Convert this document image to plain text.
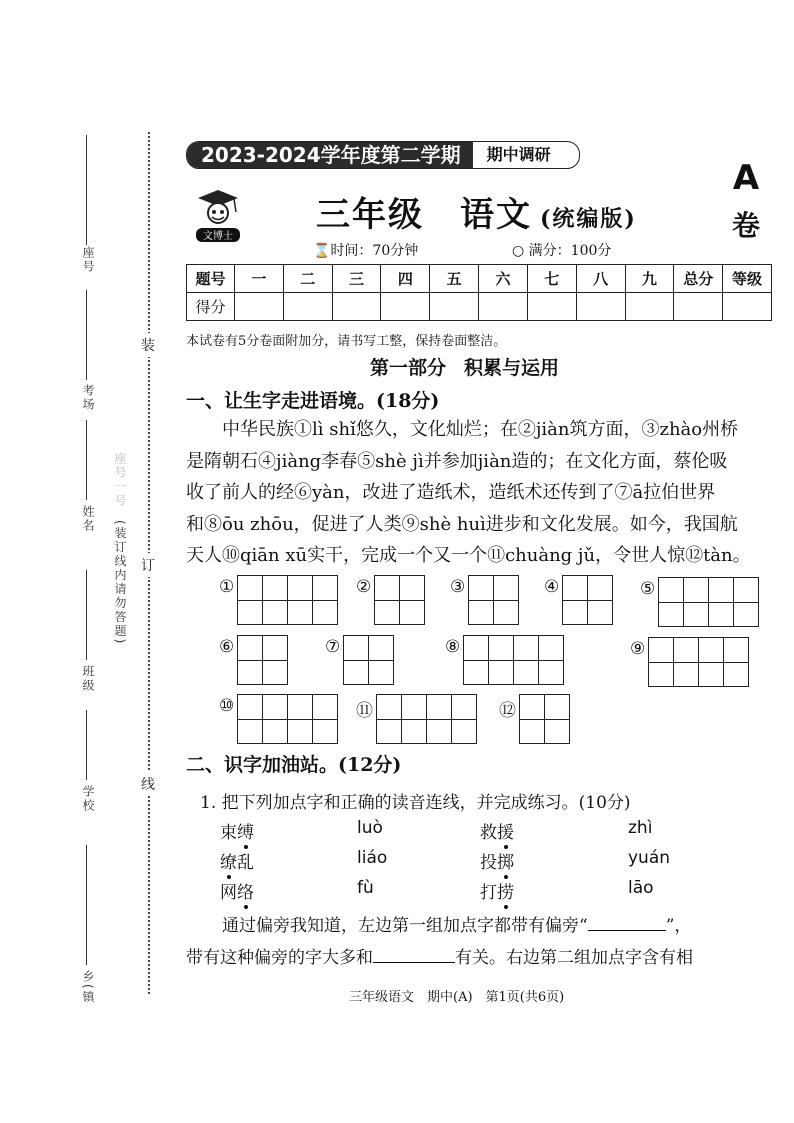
座号
考场
姓名
班级
学校
乡(镇
座号一号
(装订线内请勿答题)
装
订
线
2023-2024学年度第二学期	期中调研
文博士
三年级　语文 (统编版)
A
卷
⌛时间：70分钟	○ 满分：100分
题号	一	二	三	四	五	六	七	八	九	总分	等级
得分											
本试卷有5分卷面附加分，请书写工整，保持卷面整洁。
第一部分 积累与运用
一、让生字走进语境。(18分)

中华民族①lì shǐ悠久，文化灿烂；在②jiàn筑方面，③zhào州桥

是隋朝石④jiàng李春⑤shè jì并参加jiàn造的；在文化方面，蔡伦吸

收了前人的经⑥yàn，改进了造纸术，造纸术还传到了⑦ā拉伯世界

和⑧ōu zhōu，促进了人类⑨shè huì进步和文化发展。如今，我国航

天人⑩qiān xū实干，完成一个又一个⑪chuàng jǔ，令世人惊⑫tàn。

①	②	③	④	⑤
⑥	⑦	⑧	⑨
⑩	⑪	⑫
二、识字加油站。(12分)
1. 把下列加点字和正确的读音连线，并完成练习。(10分)
束缚
缭乱
网络
luò
liáo
fù
救援
投掷
打捞
zhì
yuán
lāo
通过偏旁我知道，左边第一组加点字都带有偏旁“	”，
带有这种偏旁的字大多和	有关。右边第二组加点字含有相
三年级语文　期中(A)　第1页(共6页)
